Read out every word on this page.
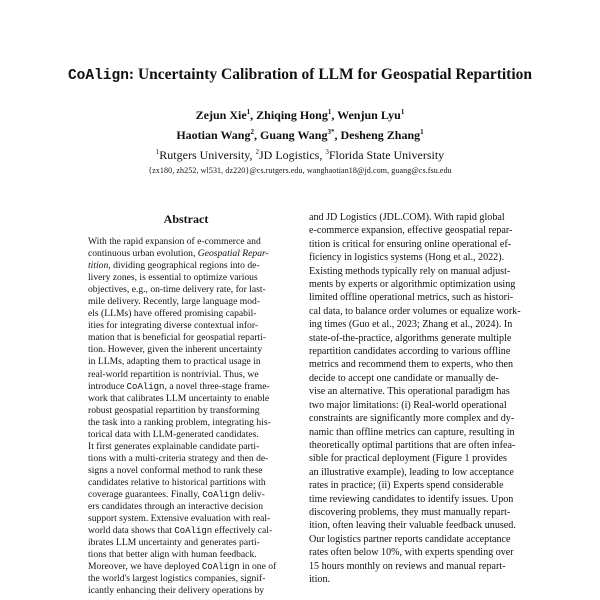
CoAlign: Uncertainty Calibration of LLM for Geospatial Repartition
Zejun Xie$^1$, Zhiqing Hong$^1$, Wenjun Lyu$^1$
Haotian Wang$^2$, Guang Wang$^{3*}$, Desheng Zhang$^1$
$^1$Rutgers University, $^2$JD Logistics, $^3$Florida State University
{zx180, zh252, wl531, dz220}@cs.rutgers.edu, wanghaotian18@jd.com, guang@cs.fsu.edu
Abstract
With the rapid expansion of e-commerce and
continuous urban evolution, Geospatial Repar-
tition, dividing geographical regions into de-
livery zones, is essential to optimize various
objectives, e.g., on-time delivery rate, for last-
mile delivery. Recently, large language mod-
els (LLMs) have offered promising capabil-
ities for integrating diverse contextual infor-
mation that is beneficial for geospatial reparti-
tion. However, given the inherent uncertainty
in LLMs, adapting them to practical usage in
real-world repartition is nontrivial. Thus, we
introduce CoAlign, a novel three-stage frame-
work that calibrates LLM uncertainty to enable
robust geospatial repartition by transforming
the task into a ranking problem, integrating his-
torical data with LLM-generated candidates.
It first generates explainable candidate parti-
tions with a multi-criteria strategy and then de-
signs a novel conformal method to rank these
candidates relative to historical partitions with
coverage guarantees. Finally, CoAlign deliv-
ers candidates through an interactive decision
support system. Extensive evaluation with real-
world data shows that CoAlign effectively cal-
ibrates LLM uncertainty and generates parti-
tions that better align with human feedback.
Moreover, we have deployed CoAlign in one of
the world's largest logistics companies, signif-
icantly enhancing their delivery operations by
and JD Logistics (JDL.COM). With rapid global
e-commerce expansion, effective geospatial repar-
tition is critical for ensuring online operational ef-
ficiency in logistics systems (Hong et al., 2022).
Existing methods typically rely on manual adjust-
ments by experts or algorithmic optimization using
limited offline operational metrics, such as histori-
cal data, to balance order volumes or equalize work-
ing times (Guo et al., 2023; Zhang et al., 2024). In
state-of-the-practice, algorithms generate multiple
repartition candidates according to various offline
metrics and recommend them to experts, who then
decide to accept one candidate or manually de-
vise an alternative. This operational paradigm has
two major limitations: (i) Real-world operational
constraints are significantly more complex and dy-
namic than offline metrics can capture, resulting in
theoretically optimal partitions that are often infea-
sible for practical deployment (Figure 1 provides
an illustrative example), leading to low acceptance
rates in practice; (ii) Experts spend considerable
time reviewing candidates to identify issues. Upon
discovering problems, they must manually repart-
ition, often leaving their valuable feedback unused.
Our logistics partner reports candidate acceptance
rates often below 10%, with experts spending over
15 hours monthly on reviews and manual repart-
ition.
